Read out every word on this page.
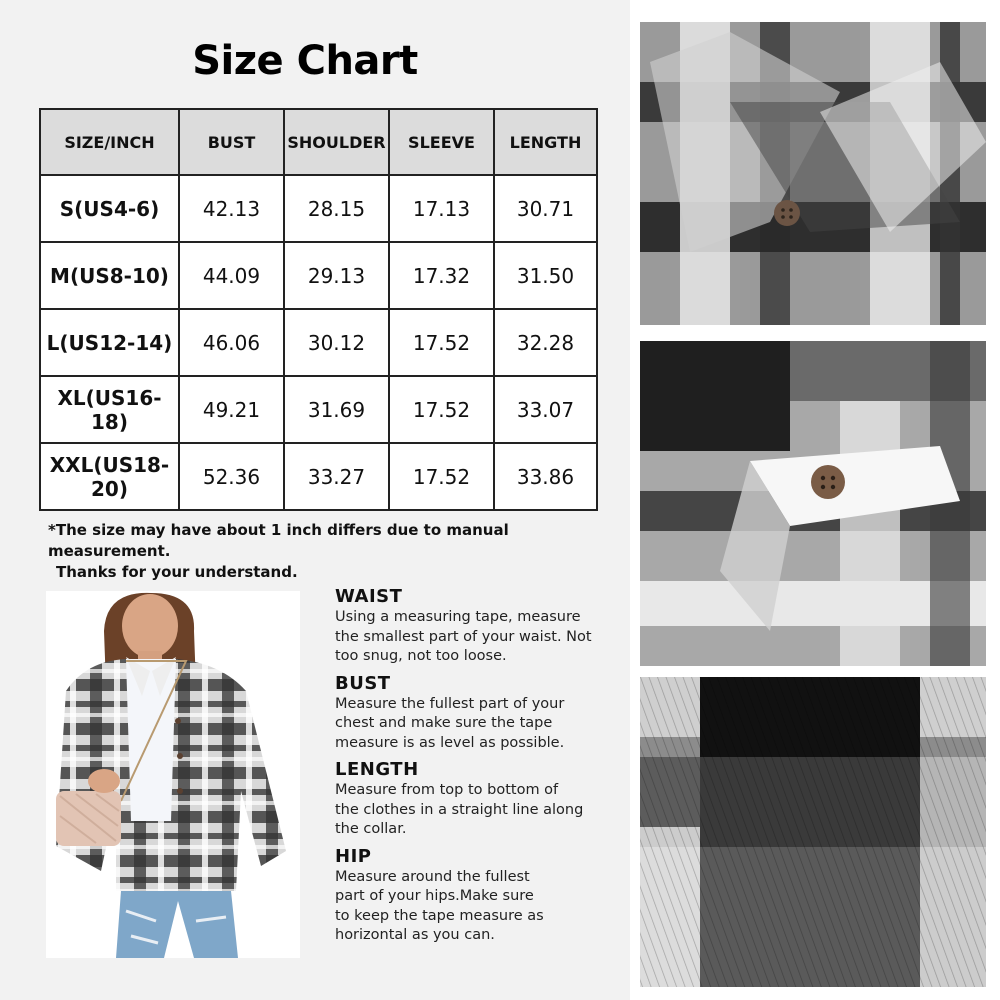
Size Chart
SIZE/INCH	BUST	SHOULDER	SLEEVE	LENGTH
S(US4-6)	42.13	28.15	17.13	30.71
M(US8-10)	44.09	29.13	17.32	31.50
L(US12-14)	46.06	30.12	17.52	32.28
XL(US16-18)	49.21	31.69	17.52	33.07
XXL(US18-20)	52.36	33.27	17.52	33.86
*The size may have about 1 inch differs due to manual measurement.
Thanks for your understand.
WAIST
Using a measuring tape, measure
the smallest part of your waist. Not
too snug, not too loose.
BUST
Measure the fullest part of your
chest and make sure the tape
measure is as level as possible.
LENGTH
Measure from top to bottom of
the clothes in a straight line along
the collar.
HIP
Measure around the fullest
part of your hips.Make sure
to keep the tape measure as
horizontal as you can.
